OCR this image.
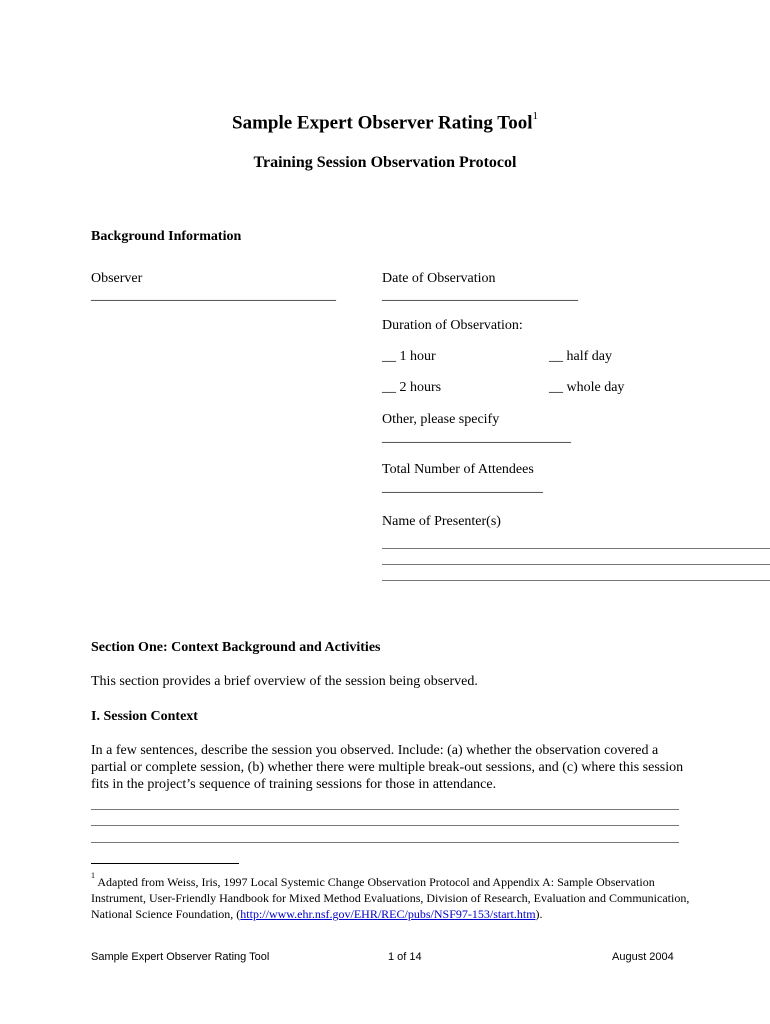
Sample Expert Observer Rating Tool$^1$
Training Session Observation Protocol
Background Information
Observer
___________________________________
Date of Observation
____________________________
Duration of Observation:
__ 1 hour	__ half day
__ 2 hours	__ whole day
Other, please specify
___________________________
Total Number of Attendees
_______________________
Name of Presenter(s)
Section One: Context Background and Activities
This section provides a brief overview of the session being observed.
I. Session Context
In a few sentences, describe the session you observed. Include: (a) whether the observation covered a partial or complete session, (b) whether there were multiple break-out sessions, and (c) where this session fits in the project’s sequence of training sessions for those in attendance.
$^1$ Adapted from Weiss, Iris, 1997 Local Systemic Change Observation Protocol and Appendix A: Sample Observation Instrument, User-Friendly Handbook for Mixed Method Evaluations, Division of Research, Evaluation and Communication, National Science Foundation, (http://www.ehr.nsf.gov/EHR/REC/pubs/NSF97-153/start.htm).
Sample Expert Observer Rating Tool	1 of 14	August 2004
